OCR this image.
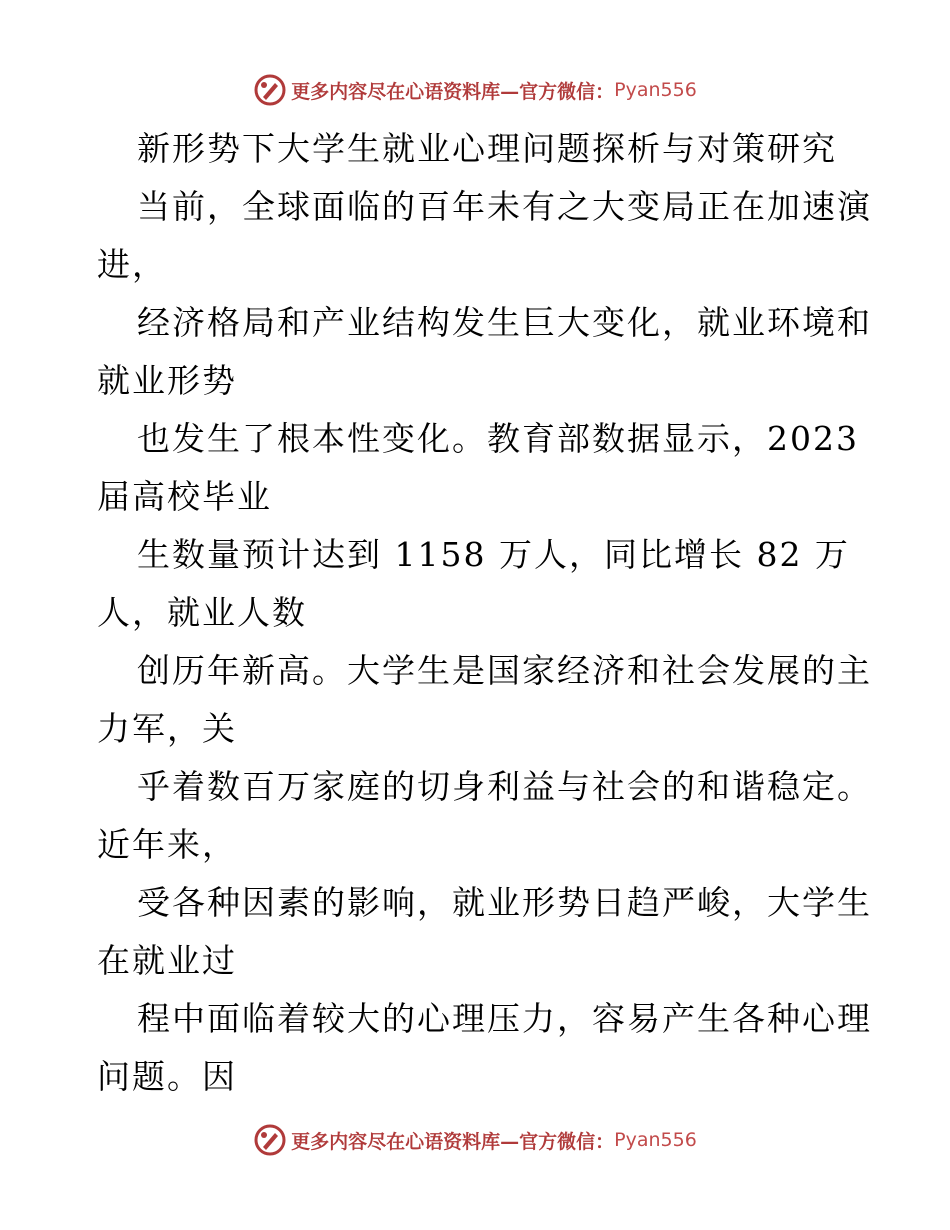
更多内容尽在心语资料库—官方微信： Pyan556
新形势下大学生就业心理问题探析与对策研究
当前，全球面临的百年未有之大变局正在加速演
进，
经济格局和产业结构发生巨大变化，就业环境和
就业形势
也发生了根本性变化。教育部数据显示，2023
届高校毕业
生数量预计达到 1158 万人，同比增长 82 万
人，就业人数
创历年新高。大学生是国家经济和社会发展的主
力军，关
乎着数百万家庭的切身利益与社会的和谐稳定。
近年来，
受各种因素的影响，就业形势日趋严峻，大学生
在就业过
程中面临着较大的心理压力，容易产生各种心理
问题。因
更多内容尽在心语资料库—官方微信： Pyan556
